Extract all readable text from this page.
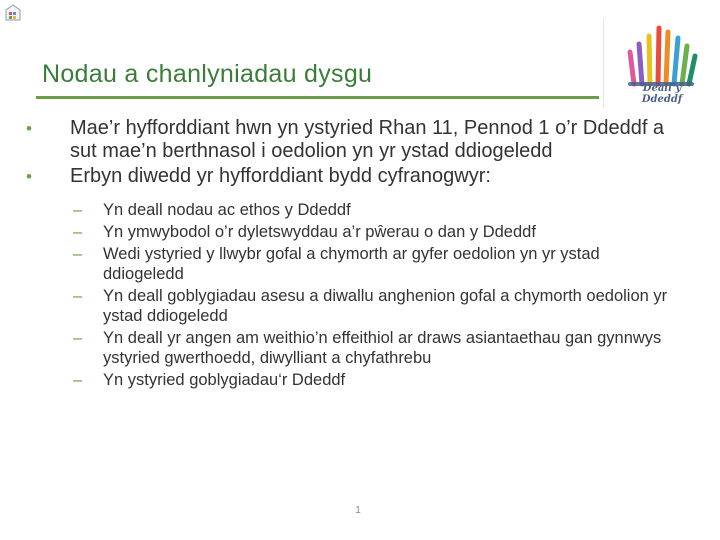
Nodau a chanlyniadau dysgu
Deall y Ddeddf
• Mae’r hyfforddiant hwn yn ystyried Rhan 11, Pennod 1 o’r Ddeddf a sut mae’n berthnasol i oedolion yn yr ystad ddiogeledd
• Erbyn diwedd yr hyfforddiant bydd cyfranogwyr:
– Yn deall nodau ac ethos y Ddeddf
– Yn ymwybodol o’r dyletswyddau a’r pŵerau o dan y Ddeddf
– Wedi ystyried y llwybr gofal a chymorth ar gyfer oedolion yn yr ystad ddiogeledd
– Yn deall goblygiadau asesu a diwallu anghenion gofal a chymorth oedolion yr ystad ddiogeledd
– Yn deall yr angen am weithio’n effeithiol ar draws asiantaethau gan gynnwys ystyried gwerthoedd, diwylliant a chyfathrebu
– Yn ystyried goblygiadau‘r Ddeddf
1
